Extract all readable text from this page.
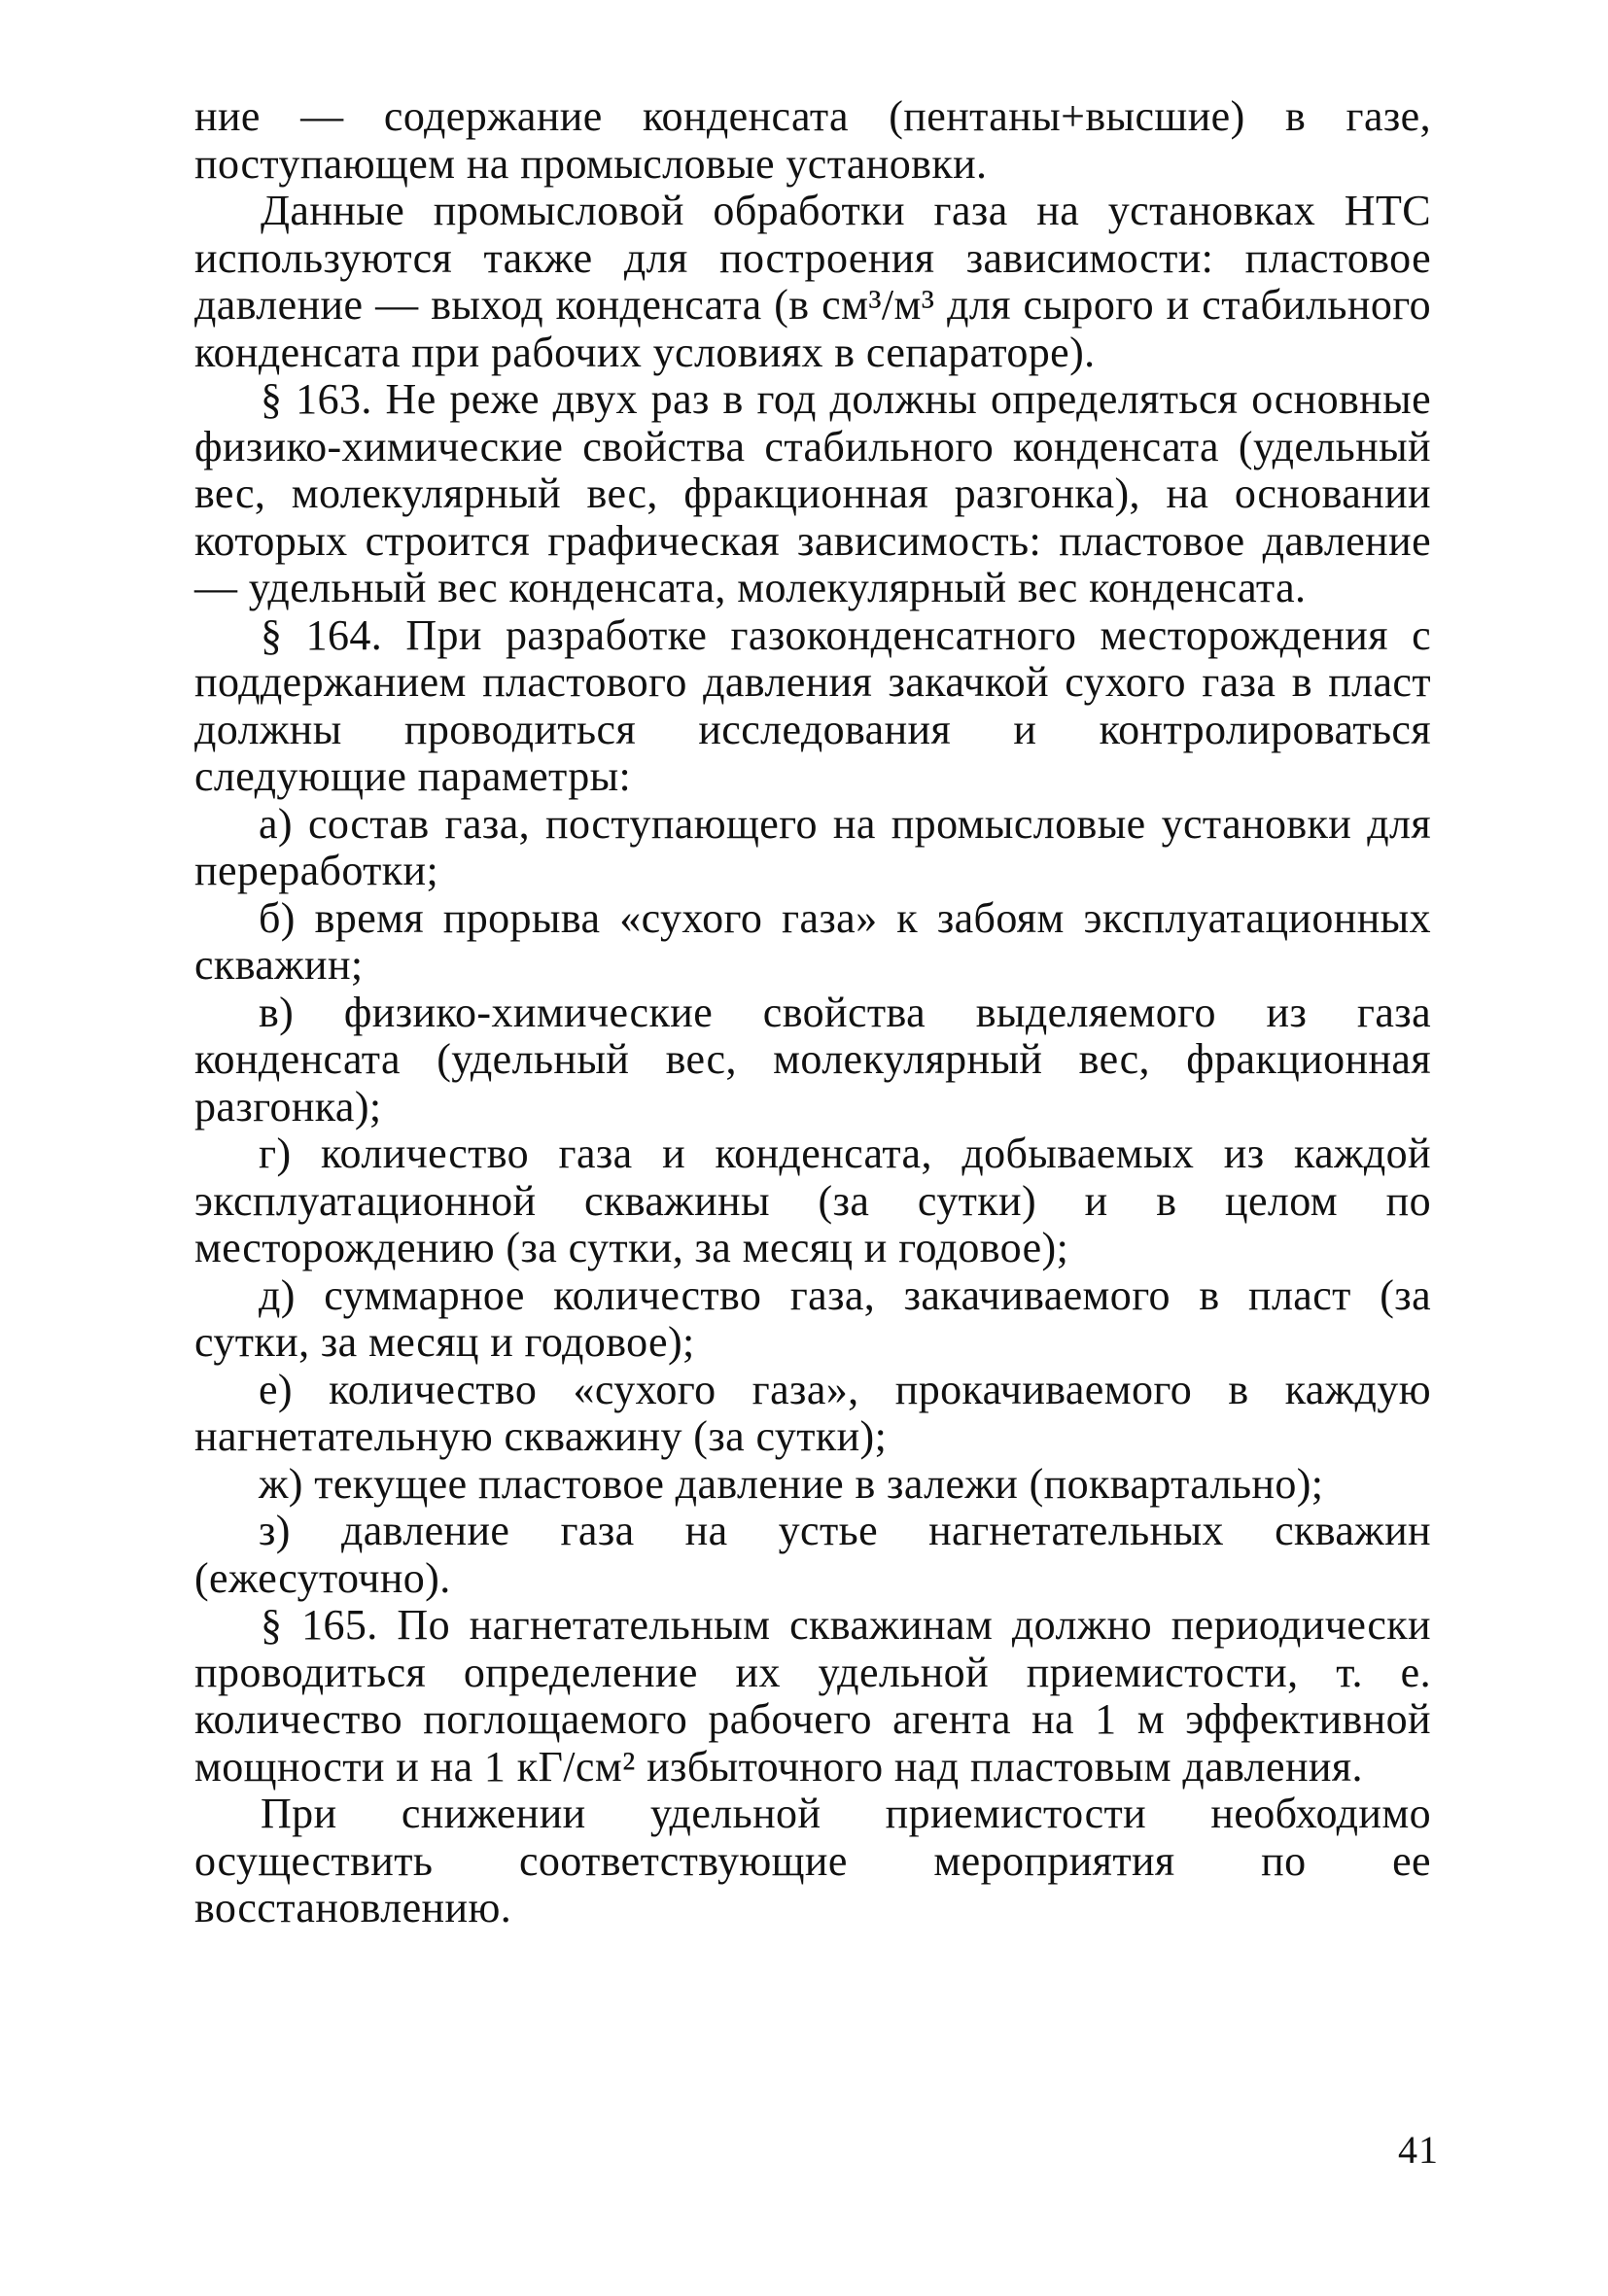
ние — содержание конденсата (пентаны+высшие) в газе, поступающем на промысловые установки.

Данные промысловой обработки газа на установках НТС используются также для построения зависимости: пластовое давление — выход конденсата (в см³/м³ для сырого и стабильного конденсата при рабочих условиях в сепараторе).

§ 163. Не реже двух раз в год должны определяться основные физико-химические свойства стабильного конденсата (удельный вес, молекулярный вес, фракционная разгонка), на основании которых строится графическая зависимость: пластовое давление — удельный вес конденсата, молекулярный вес конденсата.

§ 164. При разработке газоконденсатного месторождения с поддержанием пластового давления закачкой сухого газа в пласт должны проводиться исследования и контролироваться следующие параметры:

а) состав газа, поступающего на промысловые установки для переработки;

б) время прорыва «сухого газа» к забоям эксплуатационных скважин;

в) физико-химические свойства выделяемого из газа конденсата (удельный вес, молекулярный вес, фракционная разгонка);

г) количество газа и конденсата, добываемых из каждой эксплуатационной скважины (за сутки) и в целом по месторождению (за сутки, за месяц и годовое);

д) суммарное количество газа, закачиваемого в пласт (за сутки, за месяц и годовое);

е) количество «сухого газа», прокачиваемого в каждую нагнетательную скважину (за сутки);

ж) текущее пластовое давление в залежи (поквартально);

з) давление газа на устье нагнетательных скважин (ежесуточно).

§ 165. По нагнетательным скважинам должно периодически проводиться определение их удельной приемистости, т. е. количество поглощаемого рабочего агента на 1 м эффективной мощности и на 1 кГ/см² избыточного над пластовым давления.

При снижении удельной приемистости необходимо осуществить соответствующие мероприятия по ее восстановлению.

41
